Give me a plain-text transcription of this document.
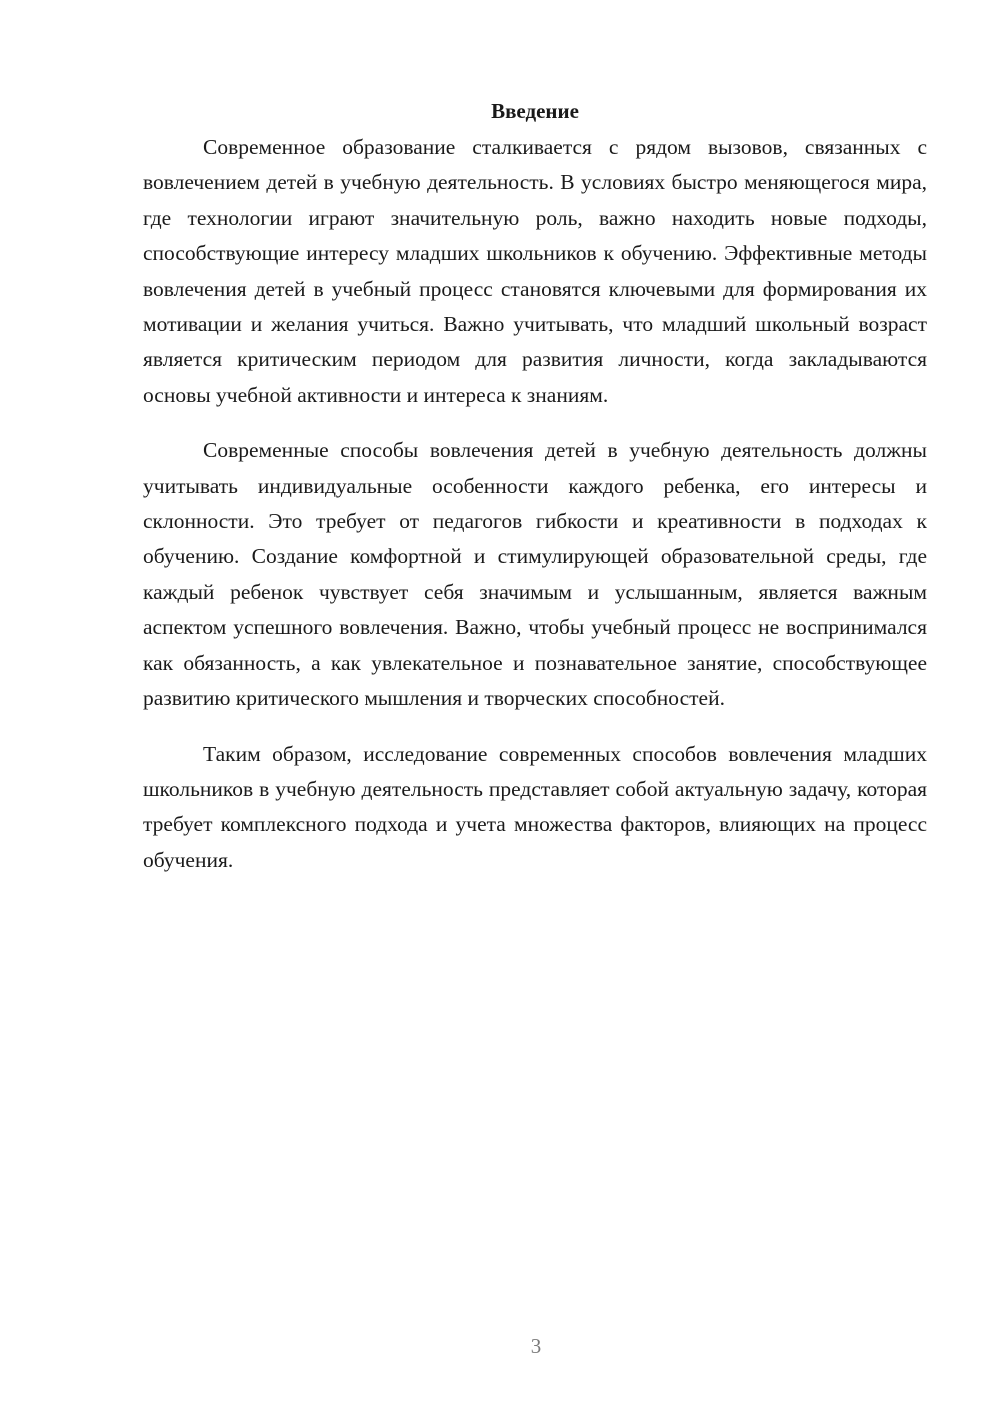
Введение

Современное образование сталкивается с рядом вызовов, связанных с вовлечением детей в учебную деятельность. В условиях быстро меняющегося мира, где технологии играют значительную роль, важно находить новые подходы, способствующие интересу младших школьников к обучению. Эффективные методы вовлечения детей в учебный процесс становятся ключевыми для формирования их мотивации и желания учиться. Важно учитывать, что младший школьный возраст является критическим периодом для развития личности, когда закладываются основы учебной активности и интереса к знаниям.

Современные способы вовлечения детей в учебную деятельность должны учитывать индивидуальные особенности каждого ребенка, его интересы и склонности. Это требует от педагогов гибкости и креативности в подходах к обучению. Создание комфортной и стимулирующей образовательной среды, где каждый ребенок чувствует себя значимым и услышанным, является важным аспектом успешного вовлечения. Важно, чтобы учебный процесс не воспринимался как обязанность, а как увлекательное и познавательное занятие, способствующее развитию критического мышления и творческих способностей.

Таким образом, исследование современных способов вовлечения младших школьников в учебную деятельность представляет собой актуальную задачу, которая требует комплексного подхода и учета множества факторов, влияющих на процесс обучения.

3
